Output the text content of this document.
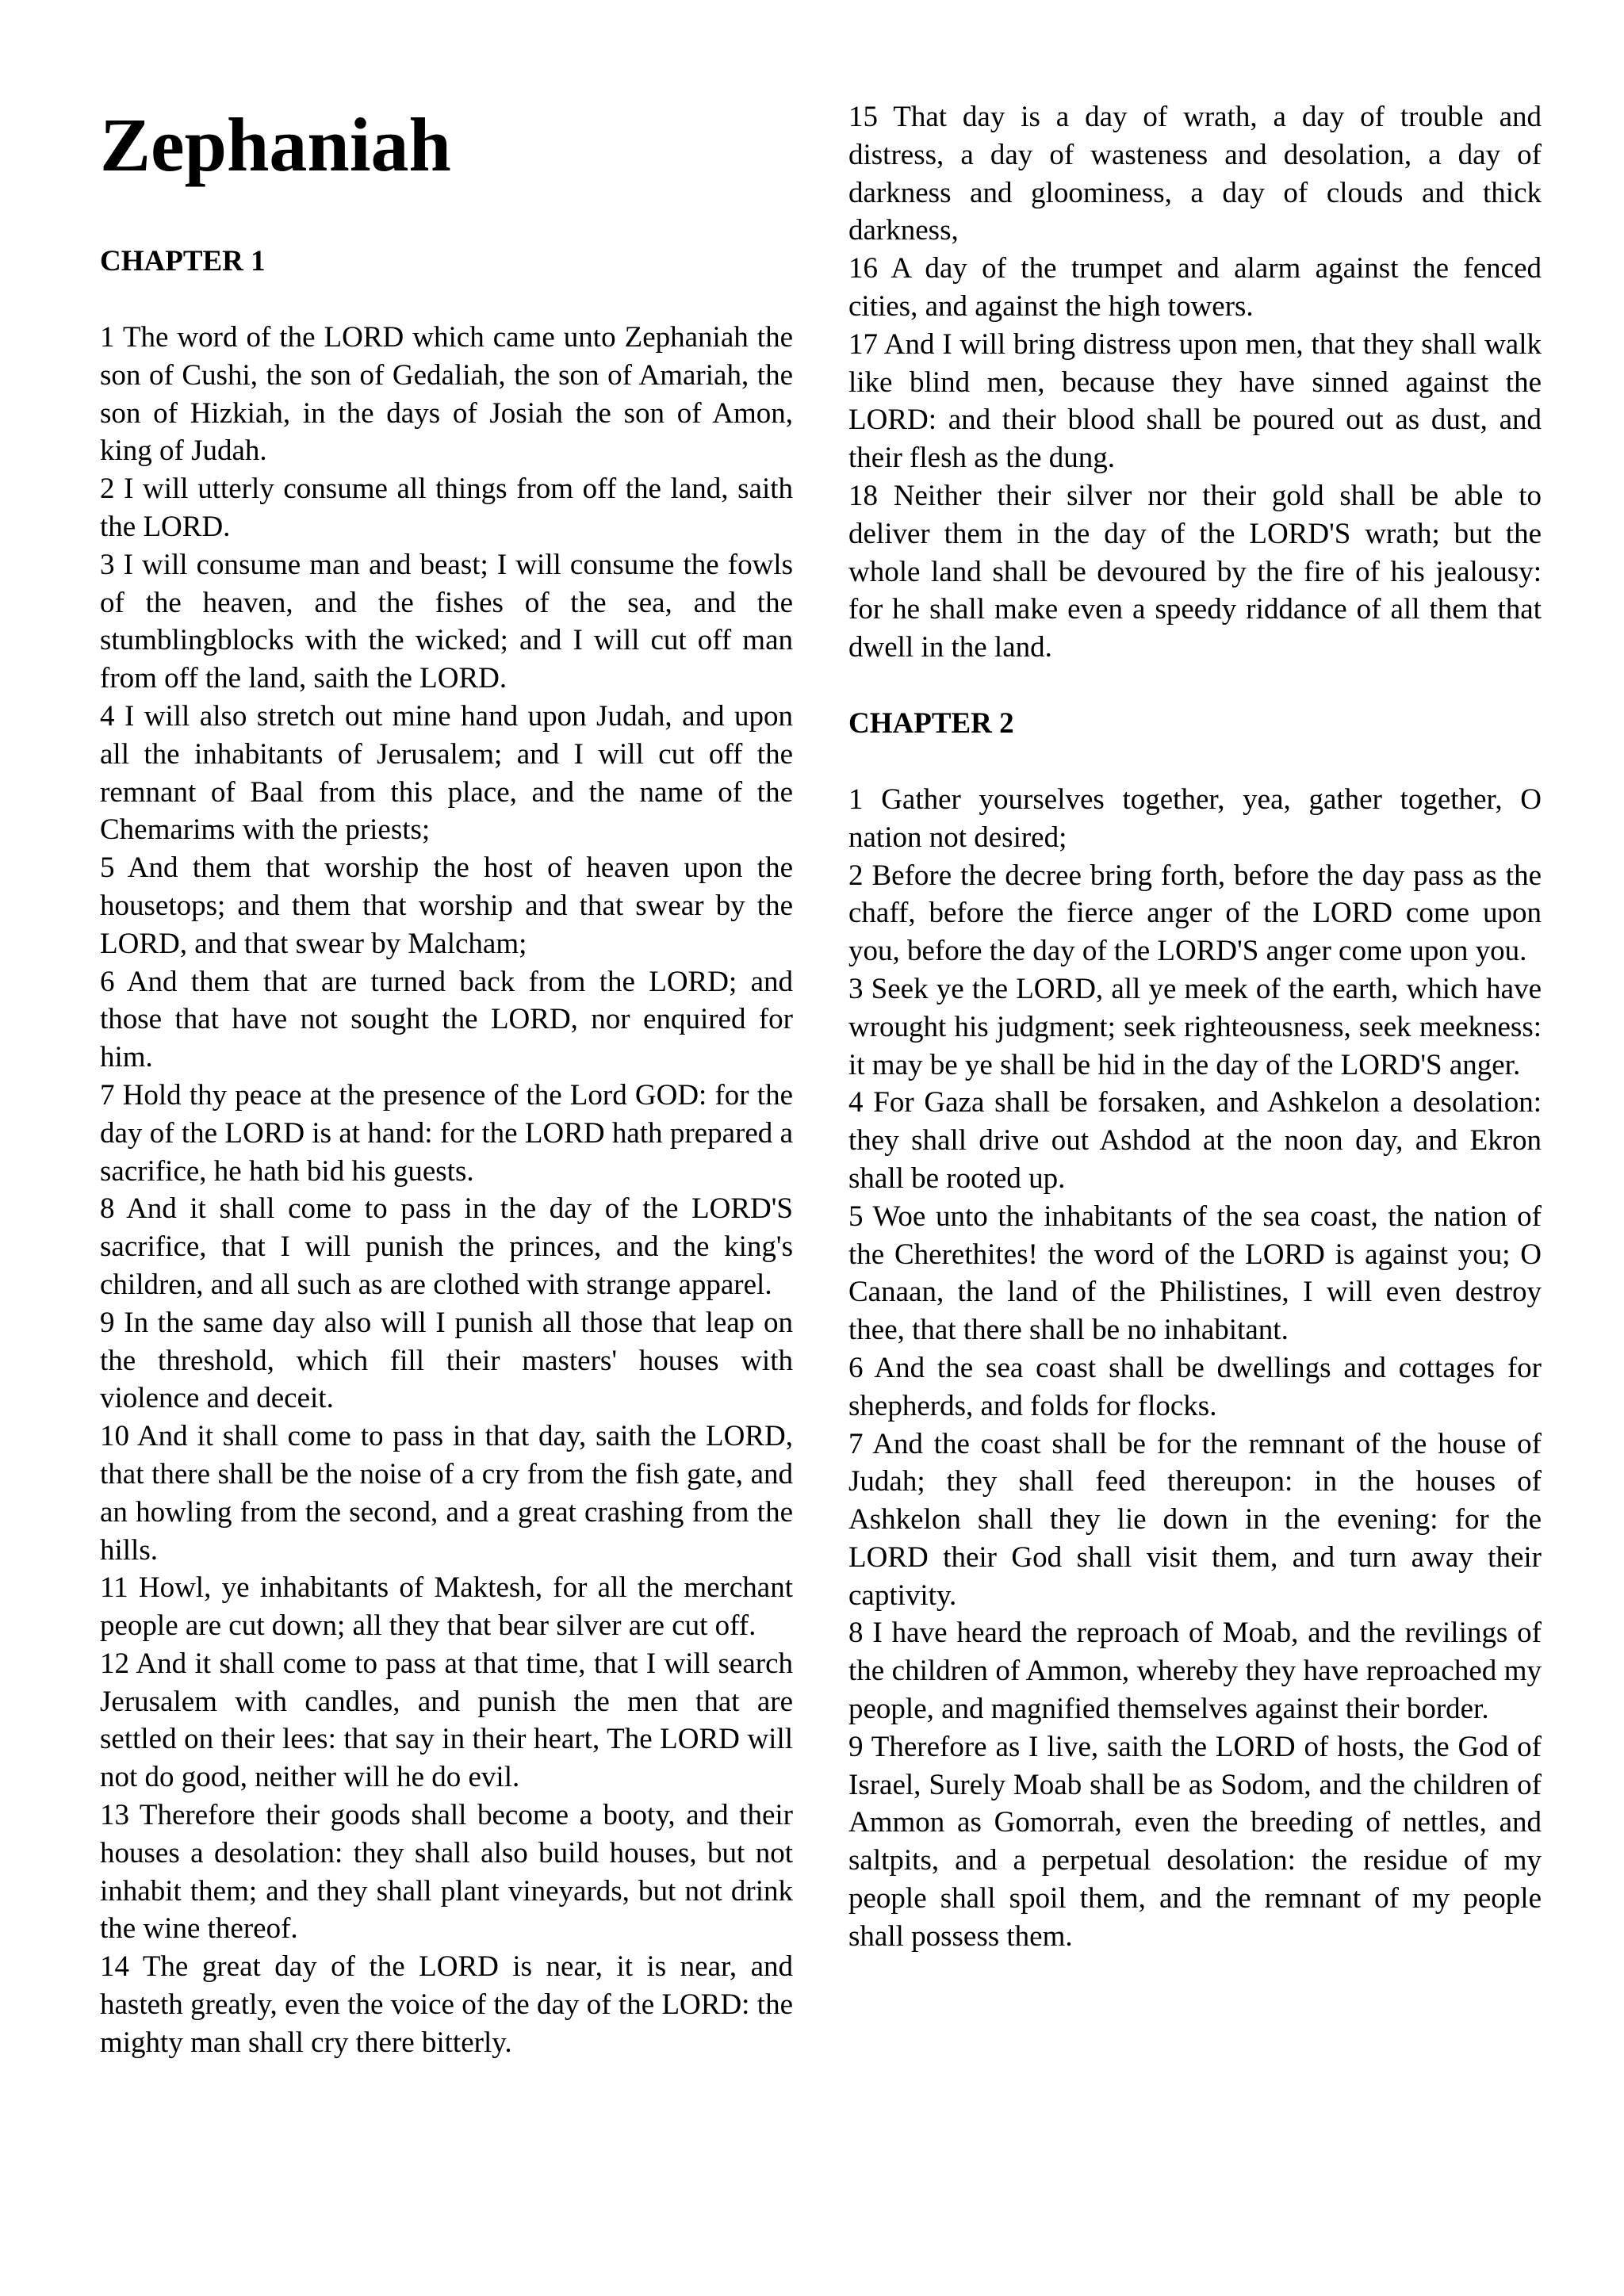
Zephaniah
CHAPTER 1

1 The word of the LORD which came unto Zephaniah the son of Cushi, the son of Gedaliah, the son of Amariah, the son of Hizkiah, in the days of Josiah the son of Amon, king of Judah.

2 I will utterly consume all things from off the land, saith the LORD.

3 I will consume man and beast; I will consume the fowls of the heaven, and the fishes of the sea, and the stumblingblocks with the wicked; and I will cut off man from off the land, saith the LORD.

4 I will also stretch out mine hand upon Judah, and upon all the inhabitants of Jerusalem; and I will cut off the remnant of Baal from this place, and the name of the Chemarims with the priests;

5 And them that worship the host of heaven upon the housetops; and them that worship and that swear by the LORD, and that swear by Malcham;

6 And them that are turned back from the LORD; and those that have not sought the LORD, nor enquired for him.

7 Hold thy peace at the presence of the Lord GOD: for the day of the LORD is at hand: for the LORD hath prepared a sacrifice, he hath bid his guests.

8 And it shall come to pass in the day of the LORD'S sacrifice, that I will punish the princes, and the king's children, and all such as are clothed with strange apparel.

9 In the same day also will I punish all those that leap on the threshold, which fill their masters' houses with violence and deceit.

10 And it shall come to pass in that day, saith the LORD, that there shall be the noise of a cry from the fish gate, and an howling from the second, and a great crashing from the hills.

11 Howl, ye inhabitants of Maktesh, for all the merchant people are cut down; all they that bear silver are cut off.

12 And it shall come to pass at that time, that I will search Jerusalem with candles, and punish the men that are settled on their lees: that say in their heart, The LORD will not do good, neither will he do evil.

13 Therefore their goods shall become a booty, and their houses a desolation: they shall also build houses, but not inhabit them; and they shall plant vineyards, but not drink the wine thereof.

14 The great day of the LORD is near, it is near, and hasteth greatly, even the voice of the day of the LORD: the mighty man shall cry there bitterly.

15 That day is a day of wrath, a day of trouble and distress, a day of wasteness and desolation, a day of darkness and gloominess, a day of clouds and thick darkness,

16 A day of the trumpet and alarm against the fenced cities, and against the high towers.

17 And I will bring distress upon men, that they shall walk like blind men, because they have sinned against the LORD: and their blood shall be poured out as dust, and their flesh as the dung.

18 Neither their silver nor their gold shall be able to deliver them in the day of the LORD'S wrath; but the whole land shall be devoured by the fire of his jealousy: for he shall make even a speedy riddance of all them that dwell in the land.

CHAPTER 2

1 Gather yourselves together, yea, gather together, O nation not desired;

2 Before the decree bring forth, before the day pass as the chaff, before the fierce anger of the LORD come upon you, before the day of the LORD'S anger come upon you.

3 Seek ye the LORD, all ye meek of the earth, which have wrought his judgment; seek righteousness, seek meekness: it may be ye shall be hid in the day of the LORD'S anger.

4 For Gaza shall be forsaken, and Ashkelon a desolation: they shall drive out Ashdod at the noon day, and Ekron shall be rooted up.

5 Woe unto the inhabitants of the sea coast, the nation of the Cherethites! the word of the LORD is against you; O Canaan, the land of the Philistines, I will even destroy thee, that there shall be no inhabitant.

6 And the sea coast shall be dwellings and cottages for shepherds, and folds for flocks.

7 And the coast shall be for the remnant of the house of Judah; they shall feed thereupon: in the houses of Ashkelon shall they lie down in the evening: for the LORD their God shall visit them, and turn away their captivity.

8 I have heard the reproach of Moab, and the revilings of the children of Ammon, whereby they have reproached my people, and magnified themselves against their border.

9 Therefore as I live, saith the LORD of hosts, the God of Israel, Surely Moab shall be as Sodom, and the children of Ammon as Gomorrah, even the breeding of nettles, and saltpits, and a perpetual desolation: the residue of my people shall spoil them, and the remnant of my people shall possess them.
